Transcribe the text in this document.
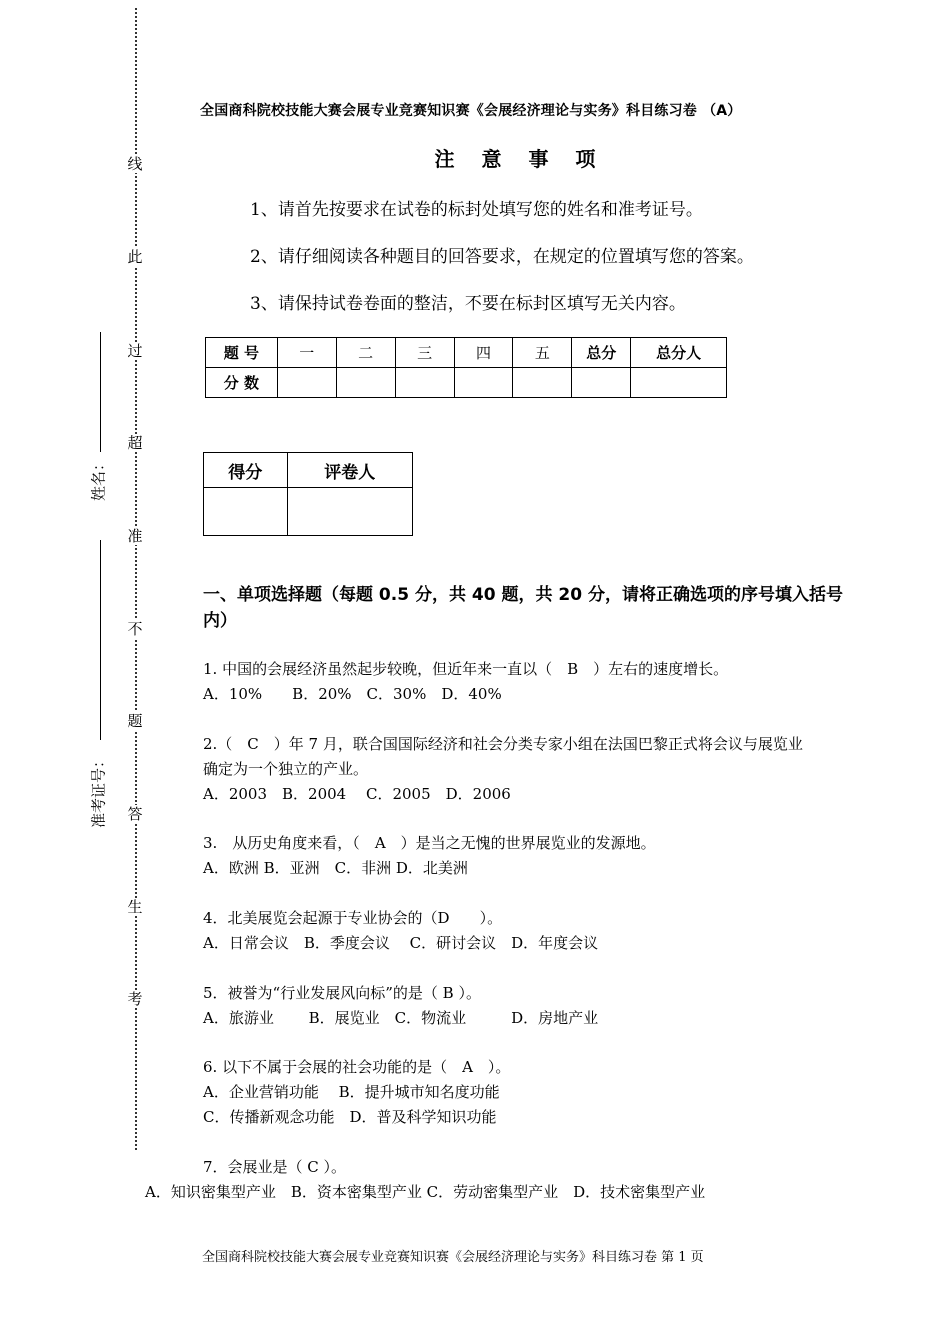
线
此
过
超
准
不
题
答
生
考
姓名：
准考证号：
全国商科院校技能大赛会展专业竞赛知识赛《会展经济理论与实务》科目练习卷 （A）
注 意 事 项
1、请首先按要求在试卷的标封处填写您的姓名和准考证号。
2、请仔细阅读各种题目的回答要求，在规定的位置填写您的答案。
3、请保持试卷卷面的整洁，不要在标封区填写无关内容。
题 号	一	二	三	四	五	总分	总分人
分 数							
得分	评卷人

一、单项选择题（每题 0.5 分，共 40 题，共 20 分，请将正确选项的序号填入括号内）
1. 中国的会展经济虽然起步较晚，但近年来一直以（　B　）左右的速度增长。
A．10%　　B．20%　C．30%　D．40%
2.（　C　）年 7 月，联合国国际经济和社会分类专家小组在法国巴黎正式将会议与展览业
确定为一个独立的产业。
A．2003　B．2004　 C．2005　D．2006
3.　从历史角度来看，（　A　）是当之无愧的世界展览业的发源地。
A．欧洲 B．亚洲　C．非洲 D．北美洲
4．北美展览会起源于专业协会的（D　　）。
A．日常会议　B．季度会议　 C．研讨会议　D．年度会议
5．被誉为“行业发展风向标”的是（ B ）。
A．旅游业　　 B．展览业　C．物流业　　　D．房地产业
6. 以下不属于会展的社会功能的是（　A　）。
A．企业营销功能　 B．提升城市知名度功能
C．传播新观念功能　D．普及科学知识功能
7．会展业是（ C ）。
A．知识密集型产业　B．资本密集型产业 C．劳动密集型产业　D．技术密集型产业
全国商科院校技能大赛会展专业竞赛知识赛《会展经济理论与实务》科目练习卷 第 1 页
